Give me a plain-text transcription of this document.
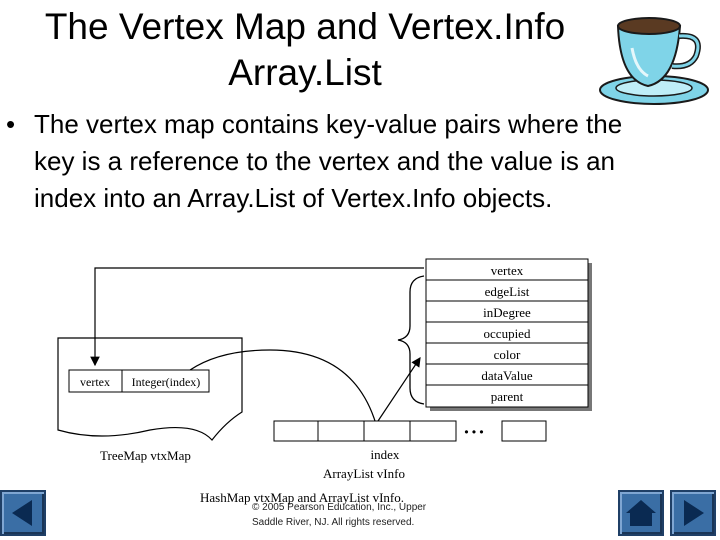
The Vertex Map and Vertex.Info
Array.List
• The vertex map contains key‑value pairs where the key is a reference to the vertex and the value is an index into an Array.List of Vertex.Info objects.
vertex
edgeList
inDegree
occupied
color
dataValue
parent
vertex Integer(index)
TreeMap vtxMap
• • •
index
ArrayList vInfo
HashMap vtxMap and ArrayList vInfo.
© 2005 Pearson Education, Inc., Upper
Saddle River, NJ. All rights reserved.
